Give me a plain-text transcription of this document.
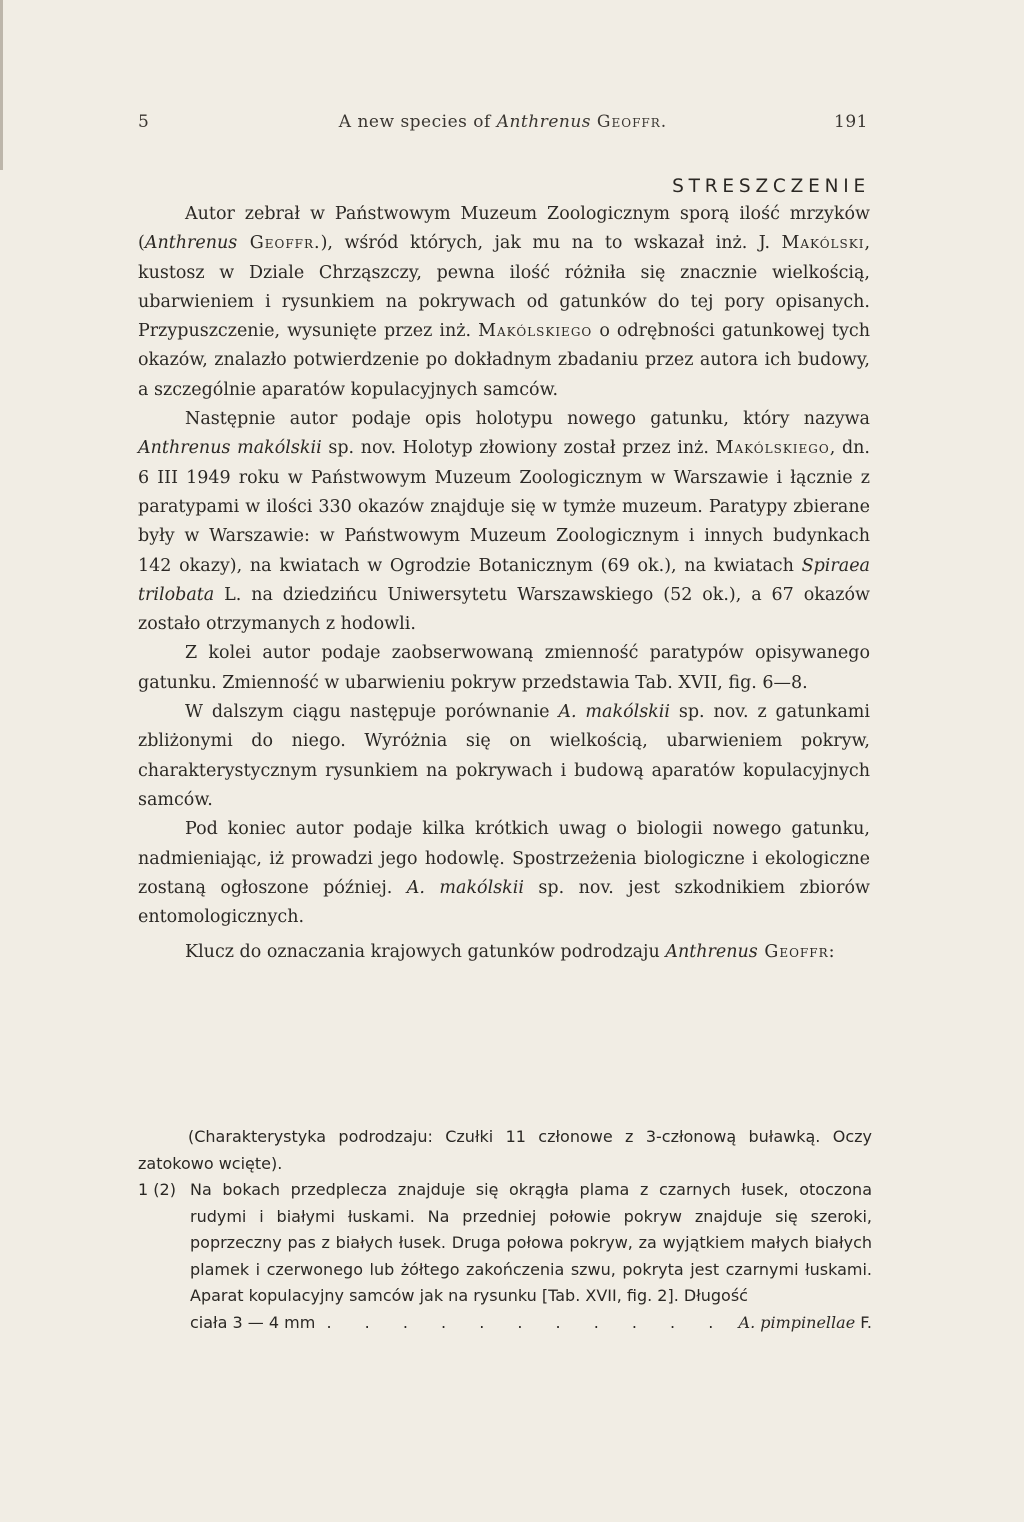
5	A new species of Anthrenus Geoffr.	191
STRESZCZENIE

Autor zebrał w Państwowym Muzeum Zoologicznym sporą ilość mrzyków (Anthrenus Geoffr.), wśród których, jak mu na to wskazał inż. J. Makólski, kustosz w Dziale Chrząszczy, pewna ilość różniła się znacznie wielkością, ubarwieniem i rysunkiem na pokrywach od gatunków do tej pory opisanych. Przypuszczenie, wysunięte przez inż. Makólskiego o odrębności gatunkowej tych okazów, znalazło potwierdzenie po dokładnym zbadaniu przez autora ich budowy, a szczególnie aparatów kopulacyjnych samców.

Następnie autor podaje opis holotypu nowego gatunku, który nazywa Anthrenus makólskii sp. nov. Holotyp złowiony został przez inż. Makólskiego, dn. 6 III 1949 roku w Państwowym Muzeum Zoologicznym w Warszawie i łącznie z paratypami w ilości 330 okazów znajduje się w tymże muzeum. Paratypy zbierane były w Warszawie: w Państwowym Muzeum Zoologicznym i innych budynkach 142 okazy), na kwiatach w Ogrodzie Botanicznym (69 ok.), na kwiatach Spiraea trilobata L. na dziedzińcu Uniwersytetu Warszawskiego (52 ok.), a 67 okazów zostało otrzymanych z hodowli.

Z kolei autor podaje zaobserwowaną zmienność paratypów opisywanego gatunku. Zmienność w ubarwieniu pokryw przedstawia Tab. XVII, fig. 6—8.

W dalszym ciągu następuje porównanie A. makólskii sp. nov. z gatunkami zbliżonymi do niego. Wyróżnia się on wielkością, ubarwieniem pokryw, charakterystycznym rysunkiem na pokrywach i budową aparatów kopulacyjnych samców.

Pod koniec autor podaje kilka krótkich uwag o biologii nowego gatunku, nadmieniając, iż prowadzi jego hodowlę. Spostrzeżenia biologiczne i ekologiczne zostaną ogłoszone później. A. makólskii sp. nov. jest szkodnikiem zbiorów entomologicznych.

Klucz do oznaczania krajowych gatunków podrodzaju Anthrenus Geoffr:

(Charakterystyka podrodzaju: Czułki 11 członowe z 3-członową buławką. Oczy zatokowo wcięte).

1 (2) Na bokach przedplecza znajduje się okrągła plama z czarnych łusek, otoczona rudymi i białymi łuskami. Na przedniej połowie pokryw znajduje się szeroki, poprzeczny pas z białych łusek. Druga połowa pokryw, za wyjątkiem małych białych plamek i czerwonego lub żółtego zakończenia szwu, pokryta jest czarnymi łuskami. Aparat kopulacyjny samców jak na rysunku [Tab. XVII, fig. 2]. Długość
ciała 3 — 4 mm . . . . . . . . . . . A. pimpinellae F.
